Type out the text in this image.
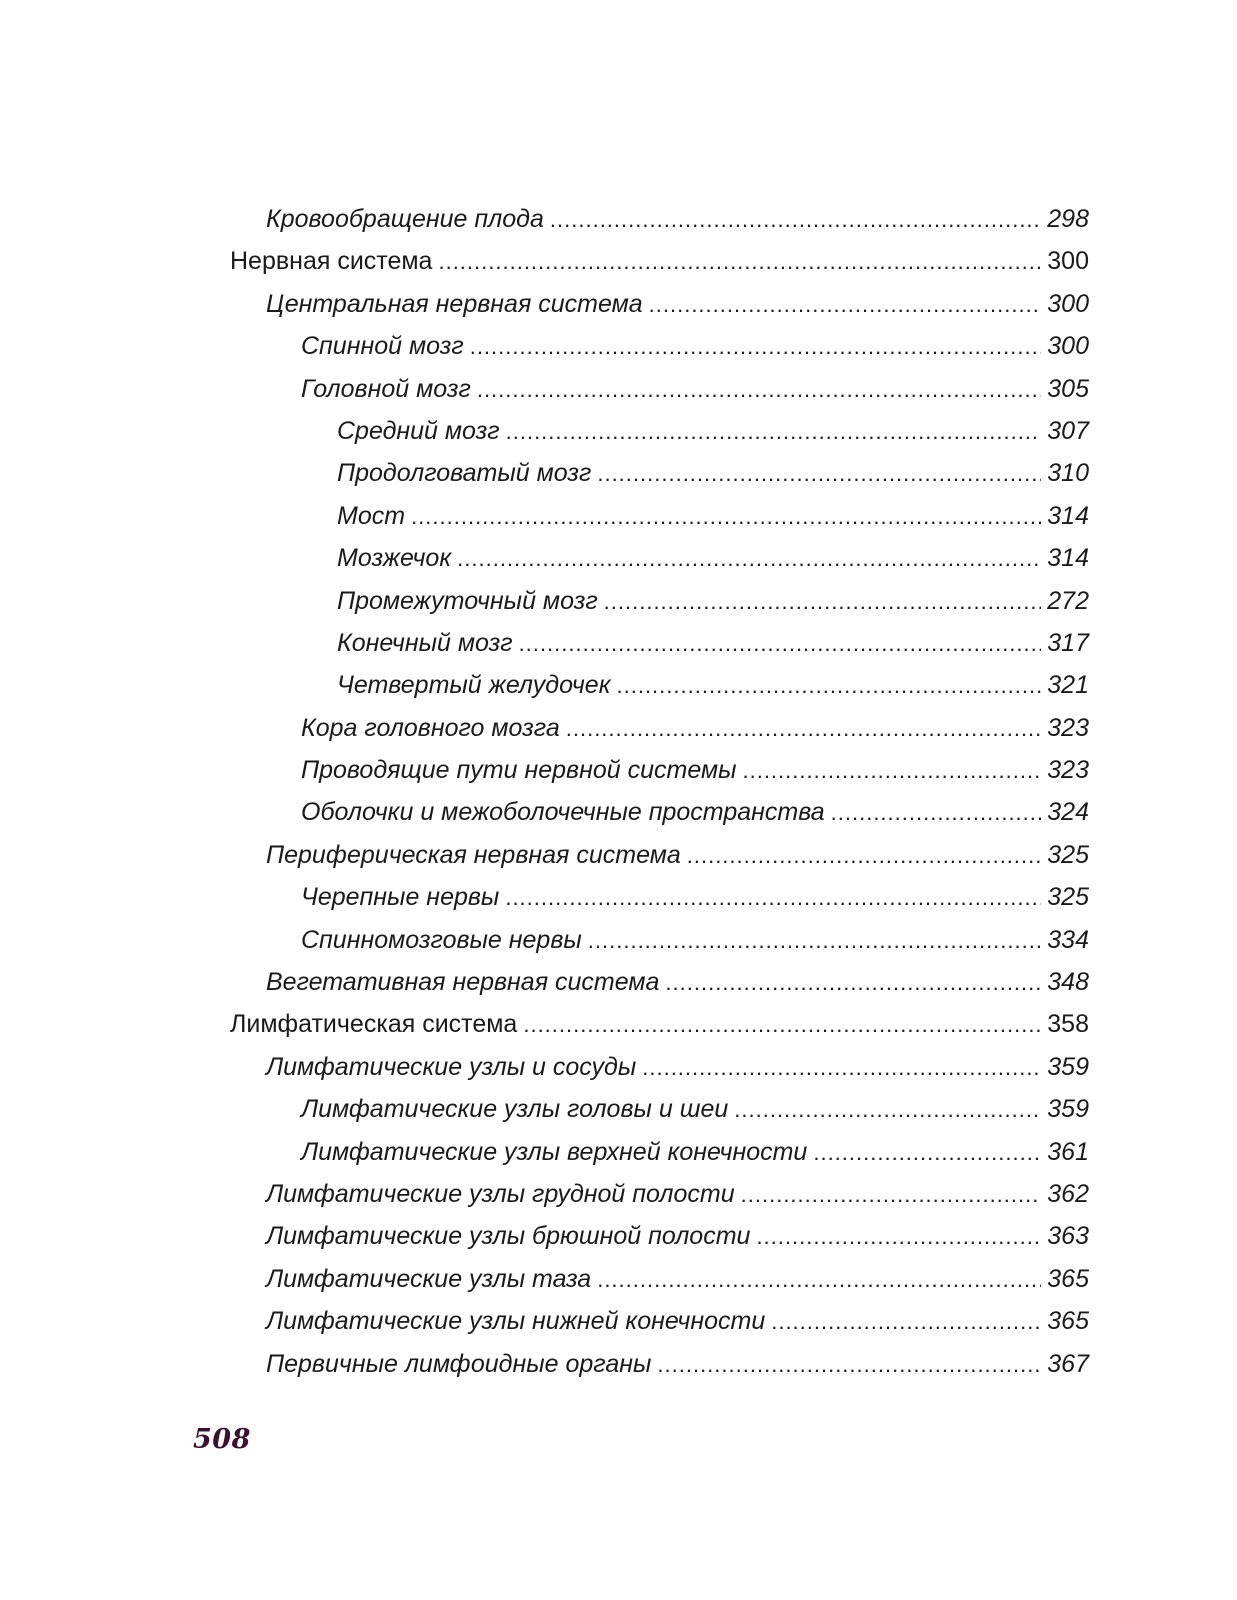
Кровообращение плода .....	298
Нервная система .....	300
Центральная нервная система .....	300
Спинной мозг .....	300
Головной мозг .....	305
Средний мозг .....	307
Продолговатый мозг .....	310
Мост .....	314
Мозжечок .....	314
Промежуточный мозг .....	272
Конечный мозг .....	317
Четвертый желудочек .....	321
Кора головного мозга .....	323
Проводящие пути нервной системы .....	323
Оболочки и межоболочечные пространства .....	324
Периферическая нервная система .....	325
Черепные нервы .....	325
Спинномозговые нервы .....	334
Вегетативная нервная система .....	348
Лимфатическая система .....	358
Лимфатические узлы и сосуды .....	359
Лимфатические узлы головы и шеи .....	359
Лимфатические узлы верхней конечности .....	361
Лимфатические узлы грудной полости .....	362
Лимфатические узлы брюшной полости .....	363
Лимфатические узлы таза .....	365
Лимфатические узлы нижней конечности .....	365
Первичные лимфоидные органы .....	367
508
